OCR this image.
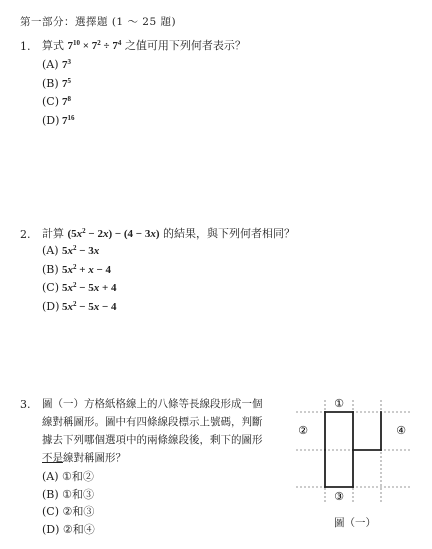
第一部分：選擇題 (1 ～ 25 題)
1. 算式 $7^{10} \times 7^2 \div 7^4$ 之值可用下列何者表示？
(A) $7^3$
(B) $7^5$
(C) $7^8$
(D) $7^{16}$
2. 計算 $(5x^2 - 2x) - (4 - 3x)$ 的結果，與下列何者相同？
(A) $5x^2 - 3x$
(B) $5x^2 + x - 4$
(C) $5x^2 - 5x + 4$
(D) $5x^2 - 5x - 4$
3. 圖（一）方格紙格線上的八條等長線段形成一個
線對稱圖形。圖中有四條線段標示上號碼，判斷
據去下列哪個選項中的兩條線段後，剩下的圖形
不是線對稱圖形？
(A) ①和②
(B) ①和③
(C) ②和③
(D) ②和④
①
②
③
④
圖（一）
